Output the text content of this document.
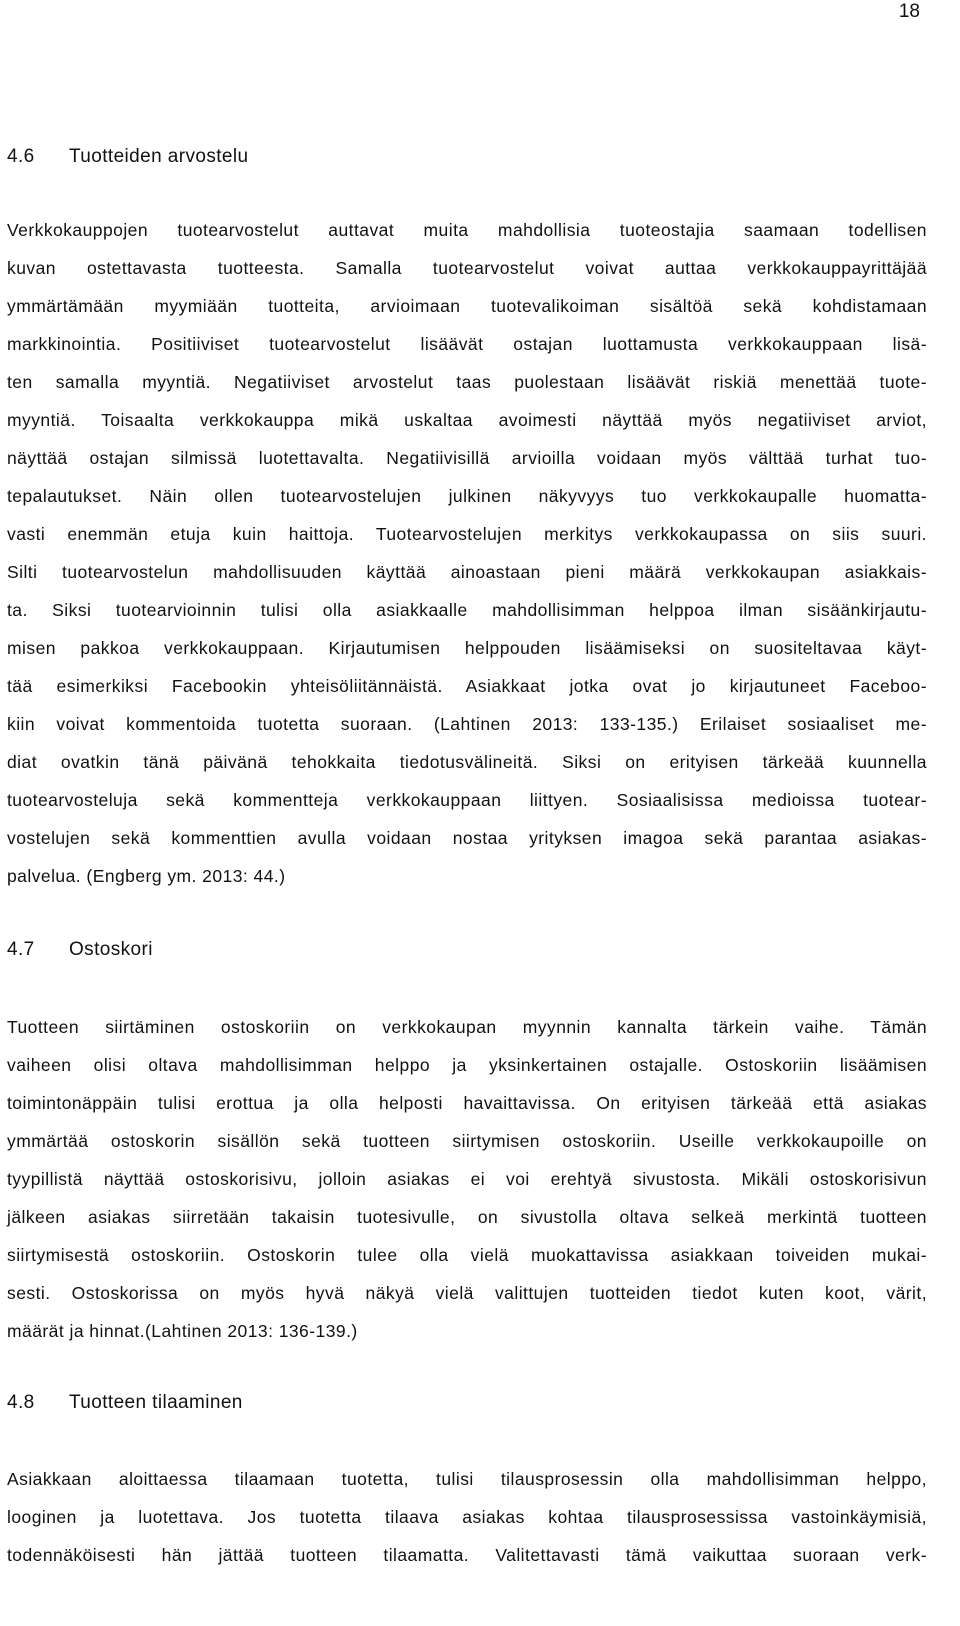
18
4.6 Tuotteiden arvostelu
Verkkokauppojen tuotearvostelut auttavat muita mahdollisia tuoteostajia saamaan todellisen
kuvan ostettavasta tuotteesta. Samalla tuotearvostelut voivat auttaa verkkokauppayrittäjää
ymmärtämään myymiään tuotteita, arvioimaan tuotevalikoiman sisältöä sekä kohdistamaan
markkinointia. Positiiviset tuotearvostelut lisäävät ostajan luottamusta verkkokauppaan lisä-
ten samalla myyntiä. Negatiiviset arvostelut taas puolestaan lisäävät riskiä menettää tuote-
myyntiä. Toisaalta verkkokauppa mikä uskaltaa avoimesti näyttää myös negatiiviset arviot,
näyttää ostajan silmissä luotettavalta. Negatiivisillä arvioilla voidaan myös välttää turhat tuo-
tepalautukset. Näin ollen tuotearvostelujen julkinen näkyvyys tuo verkkokaupalle huomatta-
vasti enemmän etuja kuin haittoja. Tuotearvostelujen merkitys verkkokaupassa on siis suuri.
Silti tuotearvostelun mahdollisuuden käyttää ainoastaan pieni määrä verkkokaupan asiakkais-
ta. Siksi tuotearvioinnin tulisi olla asiakkaalle mahdollisimman helppoa ilman sisäänkirjautu-
misen pakkoa verkkokauppaan. Kirjautumisen helppouden lisäämiseksi on suositeltavaa käyt-
tää esimerkiksi Facebookin yhteisöliitännäistä. Asiakkaat jotka ovat jo kirjautuneet Faceboo-
kiin voivat kommentoida tuotetta suoraan. (Lahtinen 2013: 133-135.) Erilaiset sosiaaliset me-
diat ovatkin tänä päivänä tehokkaita tiedotusvälineitä. Siksi on erityisen tärkeää kuunnella
tuotearvosteluja sekä kommentteja verkkokauppaan liittyen. Sosiaalisissa medioissa tuotear-
vostelujen sekä kommenttien avulla voidaan nostaa yrityksen imagoa sekä parantaa asiakas-
palvelua. (Engberg ym. 2013: 44.)
4.7 Ostoskori
Tuotteen siirtäminen ostoskoriin on verkkokaupan myynnin kannalta tärkein vaihe. Tämän
vaiheen olisi oltava mahdollisimman helppo ja yksinkertainen ostajalle. Ostoskoriin lisäämisen
toimintonäppäin tulisi erottua ja olla helposti havaittavissa. On erityisen tärkeää että asiakas
ymmärtää ostoskorin sisällön sekä tuotteen siirtymisen ostoskoriin. Useille verkkokaupoille on
tyypillistä näyttää ostoskorisivu, jolloin asiakas ei voi erehtyä sivustosta. Mikäli ostoskorisivun
jälkeen asiakas siirretään takaisin tuotesivulle, on sivustolla oltava selkeä merkintä tuotteen
siirtymisestä ostoskoriin. Ostoskorin tulee olla vielä muokattavissa asiakkaan toiveiden mukai-
sesti. Ostoskorissa on myös hyvä näkyä vielä valittujen tuotteiden tiedot kuten koot, värit,
määrät ja hinnat.(Lahtinen 2013: 136-139.)
4.8 Tuotteen tilaaminen
Asiakkaan aloittaessa tilaamaan tuotetta, tulisi tilausprosessin olla mahdollisimman helppo,
looginen ja luotettava. Jos tuotetta tilaava asiakas kohtaa tilausprosessissa vastoinkäymisiä,
todennäköisesti hän jättää tuotteen tilaamatta. Valitettavasti tämä vaikuttaa suoraan verk-
